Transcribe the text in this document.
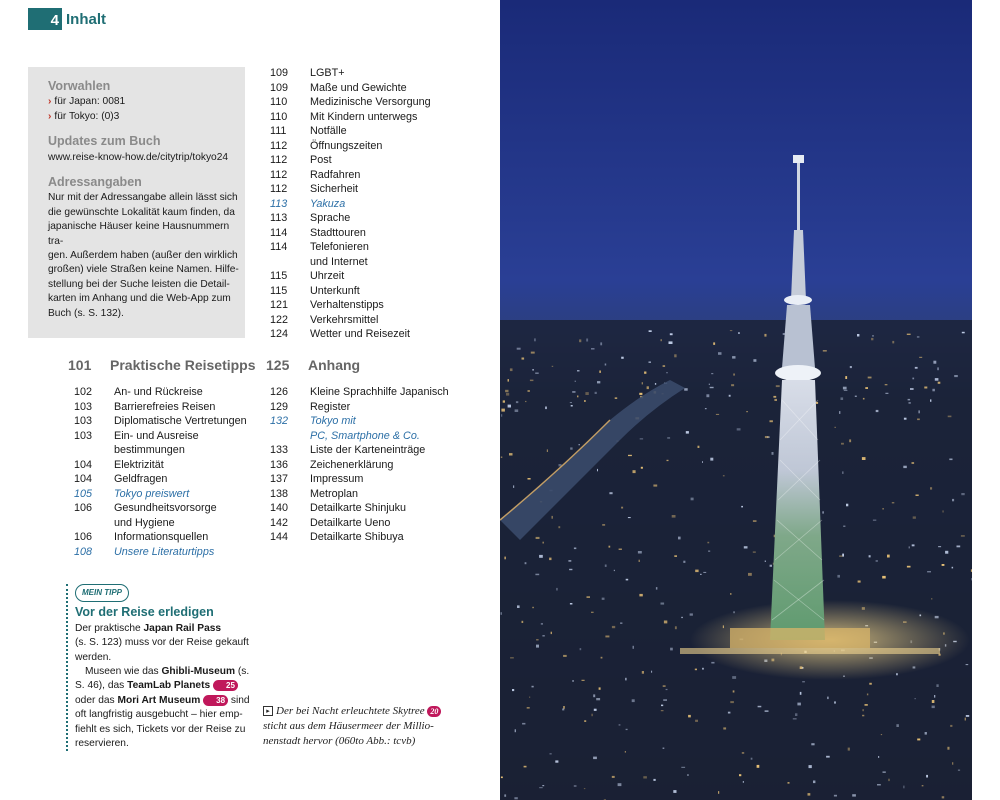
4 Inhalt
Vorwahlen
› für Japan: 0081
› für Tokyo: (0)3
Updates zum Buch
www.reise-know-how.de/citytrip/tokyo24
Adressangaben
Nur mit der Adressangabe allein lässt sich
die gewünschte Lokalität kaum finden, da
japanische Häuser keine Hausnummern tra-
gen. Außerdem haben (außer den wirklich
großen) viele Straßen keine Namen. Hilfe-
stellung bei der Suche leisten die Detail-
karten im Anhang und die Web-App zum
Buch (s. S. 132).
109	LGBT+
109	Maße und Gewichte
110	Medizinische Versorgung
110	Mit Kindern unterwegs
111	Notfälle
112	Öffnungszeiten
112	Post
112	Radfahren
112	Sicherheit
113	Yakuza
113	Sprache
114	Stadttouren
114	Telefonieren
und Internet
115	Uhrzeit
115	Unterkunft
121	Verhaltenstipps
122	Verkehrsmittel
124	Wetter und Reisezeit
101	Praktische Reisetipps
102	An- und Rückreise
103	Barrierefreies Reisen
103	Diplomatische Vertretungen
103	Ein- und Ausreise
bestimmungen
104	Elektrizität
104	Geldfragen
105	Tokyo preiswert
106	Gesundheitsvorsorge
und Hygiene
106	Informationsquellen
108	Unsere Literaturtipps
125	Anhang
126	Kleine Sprachhilfe Japanisch
129	Register
132	Tokyo mit
PC, Smartphone & Co.
133	Liste der Karteneinträge
136	Zeichenerklärung
137	Impressum
138	Metroplan
140	Detailkarte Shinjuku
142	Detailkarte Ueno
144	Detailkarte Shibuya
MEIN TIPP
Vor der Reise erledigen
Der praktische Japan Rail Pass
(s. S. 123) muss vor der Reise gekauft werden.
Museen wie das Ghibli-Museum (s. S. 46), das TeamLab Planets 25 oder das Mori Art Museum 38 sind oft langfristig ausgebucht – hier emp-fiehlt es sich, Tickets vor der Reise zu reservieren.
▸ Der bei Nacht erleuchtete Skytree 20
sticht aus dem Häusermeer der Millio-
nenstadt hervor (060to Abb.: tcvb)
